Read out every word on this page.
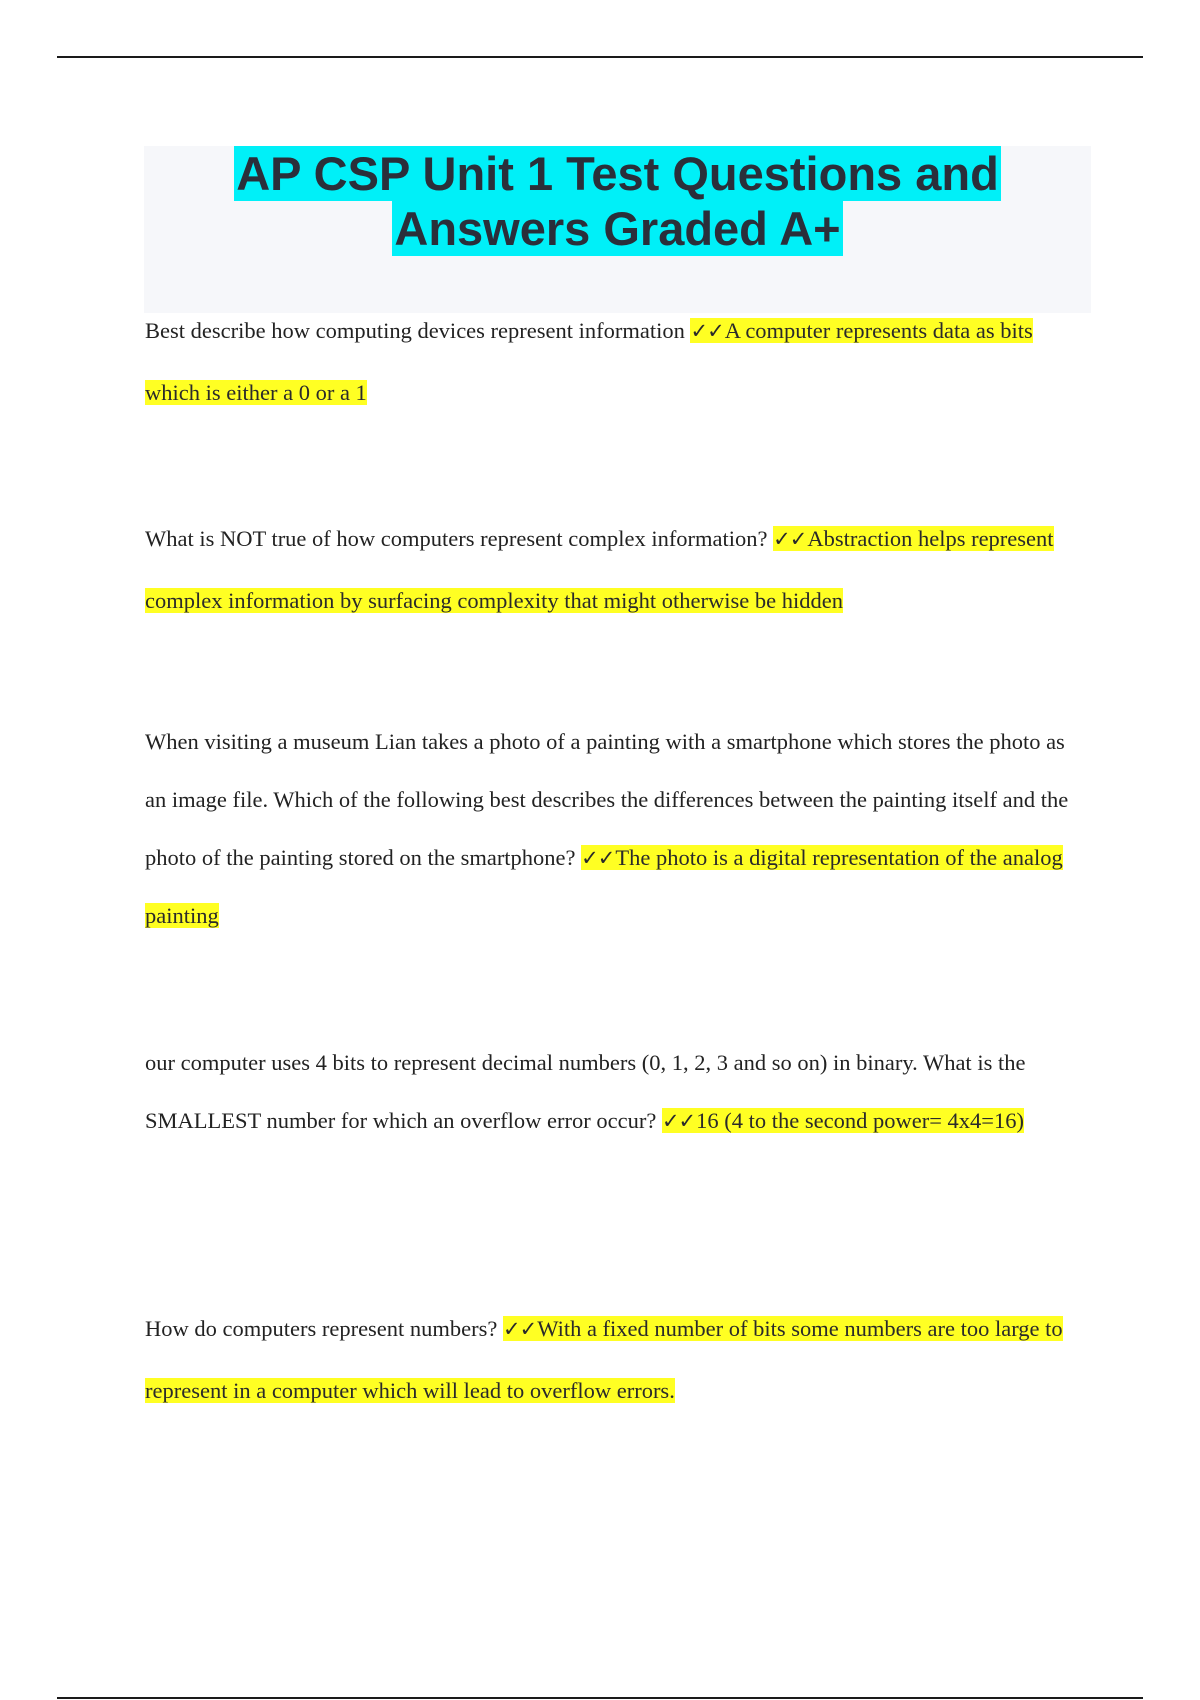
AP CSP Unit 1 Test Questions and
Answers Graded A+
Best describe how computing devices represent information ✓✓A computer represents data as bits which is either a 0 or a 1
What is NOT true of how computers represent complex information? ✓✓Abstraction helps represent complex information by surfacing complexity that might otherwise be hidden
When visiting a museum Lian takes a photo of a painting with a smartphone which stores the photo as an image file. Which of the following best describes the differences between the painting itself and the photo of the painting stored on the smartphone? ✓✓The photo is a digital representation of the analog painting
our computer uses 4 bits to represent decimal numbers (0, 1, 2, 3 and so on) in binary. What is the SMALLEST number for which an overflow error occur? ✓✓16 (4 to the second power= 4x4=16)
How do computers represent numbers? ✓✓With a fixed number of bits some numbers are too large to represent in a computer which will lead to overflow errors.
